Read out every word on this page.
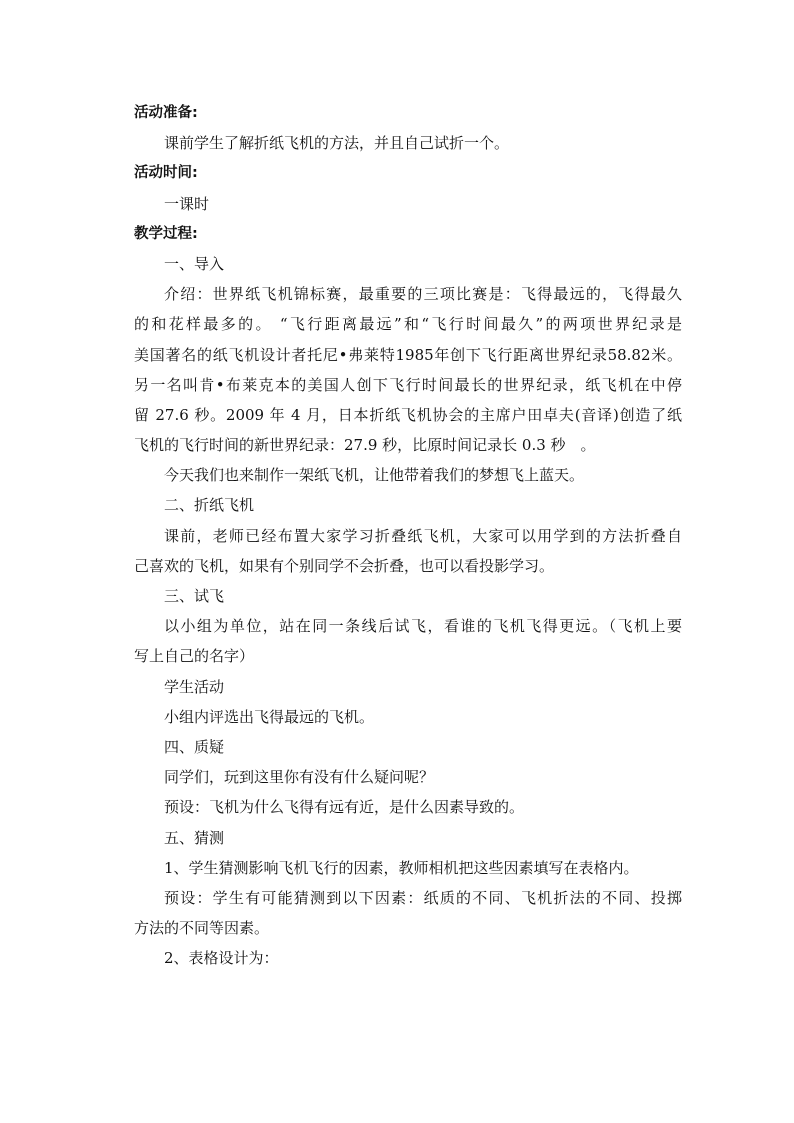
活动准备:
课前学生了解折纸飞机的方法，并且自己试折一个。
活动时间:
一课时
教学过程:
一、导入
介绍：世界纸飞机锦标赛，最重要的三项比赛是：飞得最远的，飞得最久
的和花样最多的。 “飞行距离最远”和“飞行时间最久”的两项世界纪录是
美国著名的纸飞机设计者托尼•弗莱特1985年创下飞行距离世界纪录58.82米。
另一名叫肯•布莱克本的美国人创下飞行时间最长的世界纪录，纸飞机在中停
留 27.6 秒。2009 年 4 月，日本折纸飞机协会的主席户田卓夫(音译)创造了纸
飞机的飞行时间的新世界纪录：27.9 秒，比原时间记录长 0.3 秒　。
今天我们也来制作一架纸飞机，让他带着我们的梦想飞上蓝天。
二、折纸飞机
课前，老师已经布置大家学习折叠纸飞机，大家可以用学到的方法折叠自
己喜欢的飞机，如果有个别同学不会折叠，也可以看投影学习。
三、试飞
以小组为单位，站在同一条线后试飞，看谁的飞机飞得更远。（飞机上要
写上自己的名字）
学生活动
小组内评选出飞得最远的飞机。
四、质疑
同学们，玩到这里你有没有什么疑问呢？
预设：飞机为什么飞得有远有近，是什么因素导致的。
五、猜测
1、学生猜测影响飞机飞行的因素，教师相机把这些因素填写在表格内。
预设：学生有可能猜测到以下因素：纸质的不同、飞机折法的不同、投掷
方法的不同等因素。
2、表格设计为：
